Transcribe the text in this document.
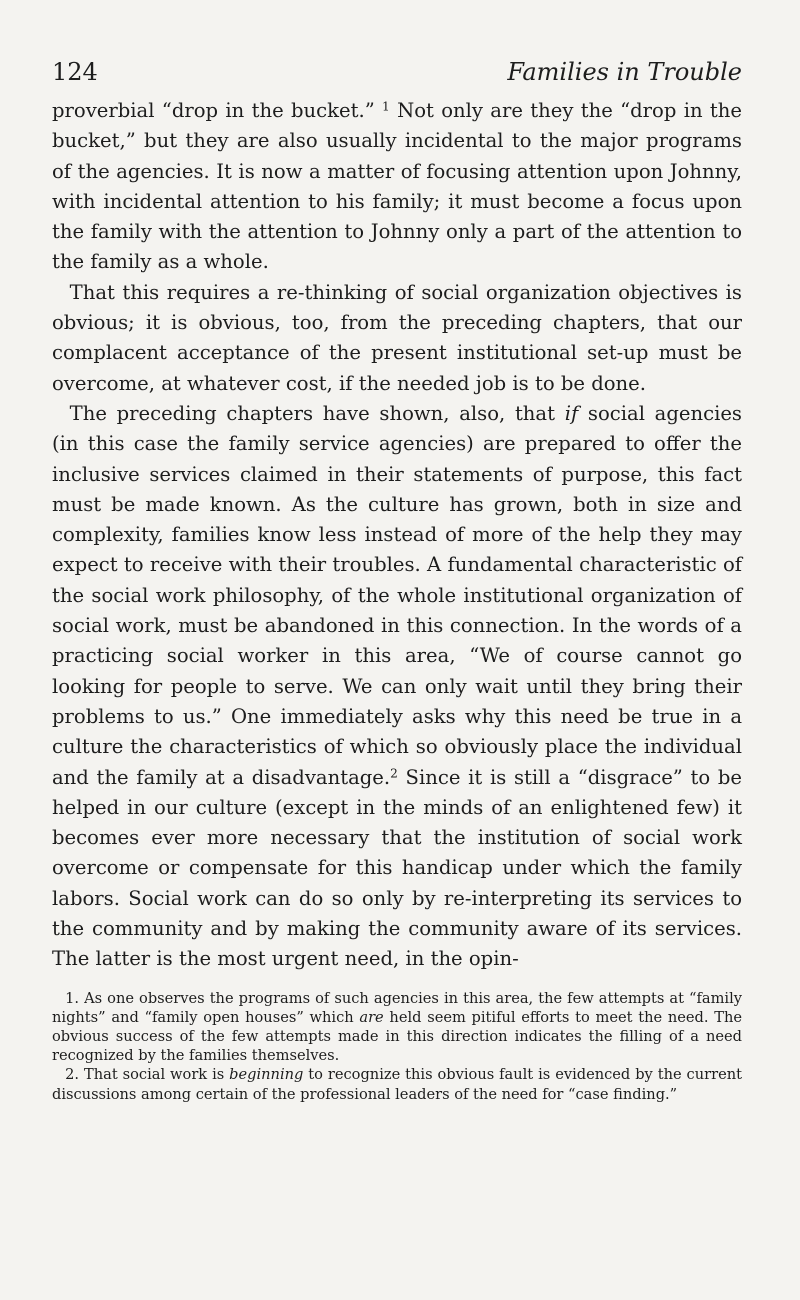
124	Families in Trouble

proverbial “drop in the bucket.” $^1$ Not only are they the “drop in the bucket,” but they are also usually incidental to the major programs of the agencies. It is now a matter of focusing attention upon Johnny, with incidental attention to his family; it must become a focus upon the family with the attention to Johnny only a part of the attention to the family as a whole.

That this requires a re-thinking of social organization objectives is obvious; it is obvious, too, from the preceding chapters, that our complacent acceptance of the present institutional set-up must be overcome, at whatever cost, if the needed job is to be done.

The preceding chapters have shown, also, that if social agencies (in this case the family service agencies) are prepared to offer the inclusive services claimed in their statements of purpose, this fact must be made known. As the culture has grown, both in size and complexity, families know less instead of more of the help they may expect to receive with their troubles. A fundamental characteristic of the social work philosophy, of the whole institutional organization of social work, must be abandoned in this connection. In the words of a practicing social worker in this area, “We of course cannot go looking for people to serve. We can only wait until they bring their problems to us.” One immediately asks why this need be true in a culture the characteristics of which so obviously place the individual and the family at a disadvantage.$^2$ Since it is still a “disgrace” to be helped in our culture (except in the minds of an enlightened few) it becomes ever more necessary that the institution of social work overcome or compensate for this handicap under which the family labors. Social work can do so only by re-interpreting its services to the community and by making the community aware of its services. The latter is the most urgent need, in the opin-

1. As one observes the programs of such agencies in this area, the few attempts at “family nights” and “family open houses” which are held seem pitiful efforts to meet the need. The obvious success of the few attempts made in this direction indicates the filling of a need recognized by the families themselves.

2. That social work is beginning to recognize this obvious fault is evidenced by the current discussions among certain of the professional leaders of the need for “case finding.”
